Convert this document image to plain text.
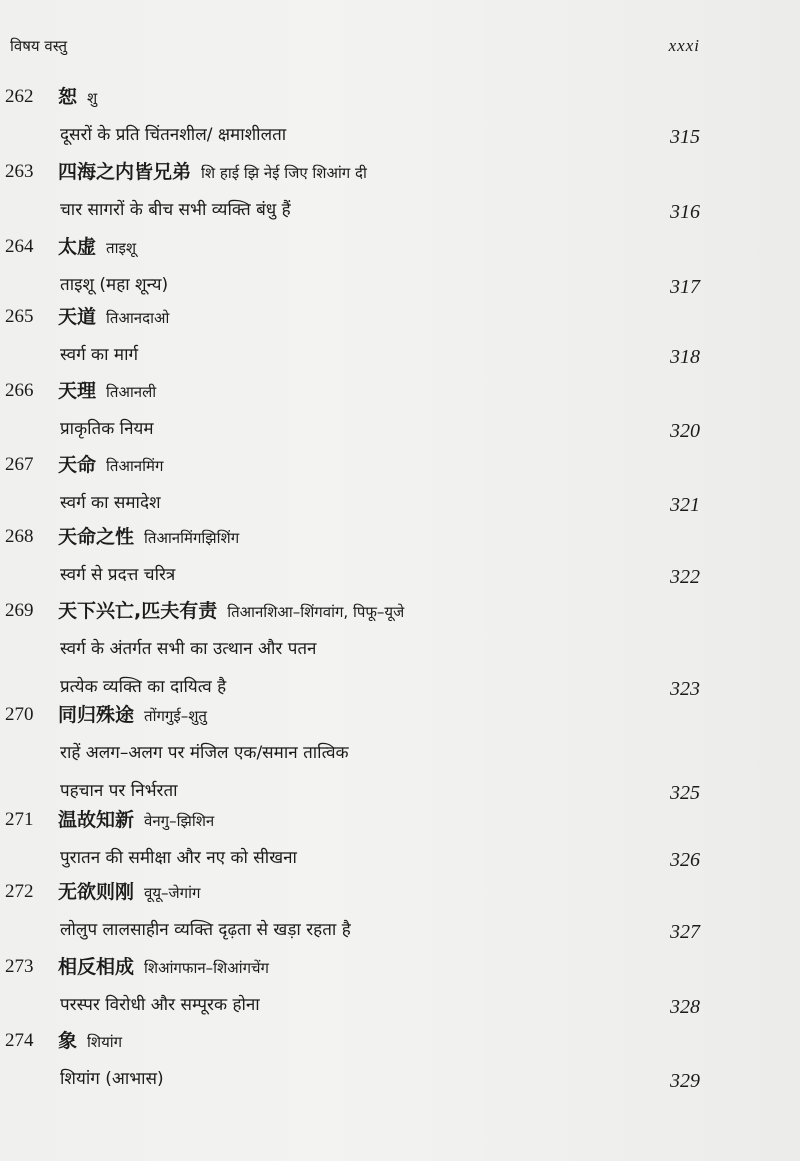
विषय वस्तु	xxxi
262	恕 शु
दूसरों के प्रति चिंतनशील/ क्षमाशीलता	315
263	四海之内皆兄弟 शि हाई झि नेई जिए शिआंग दी
चार सागरों के बीच सभी व्यक्ति बंधु हैं	316
264	太虚 ताइशू
ताइशू (महा शून्य)	317
265	天道 तिआनदाओ
स्वर्ग का मार्ग	318
266	天理 तिआनली
प्राकृतिक नियम	320
267	天命 तिआनमिंग
स्वर्ग का समादेश	321
268	天命之性 तिआनमिंगझिशिंग
स्वर्ग से प्रदत्त चरित्र	322
269	天下兴亡,匹夫有责 तिआनशिआ–शिंगवांग, पिफू–यूजे
स्वर्ग के अंतर्गत सभी का उत्थान और पतन
प्रत्येक व्यक्ति का दायित्व है	323
270	同归殊途 तोंगगुई–शुतु
राहें अलग–अलग पर मंजिल एक/समान तात्विक
पहचान पर निर्भरता	325
271	温故知新 वेनगु–झिशिन
पुरातन की समीक्षा और नए को सीखना	326
272	无欲则刚 वूयू–जेगांग
लोलुप लालसाहीन व्यक्ति दृढ़ता से खड़ा रहता है	327
273	相反相成 शिआंगफान–शिआंगचेंग
परस्पर विरोधी और सम्पूरक होना	328
274	象 शियांग
शियांग (आभास)	329
